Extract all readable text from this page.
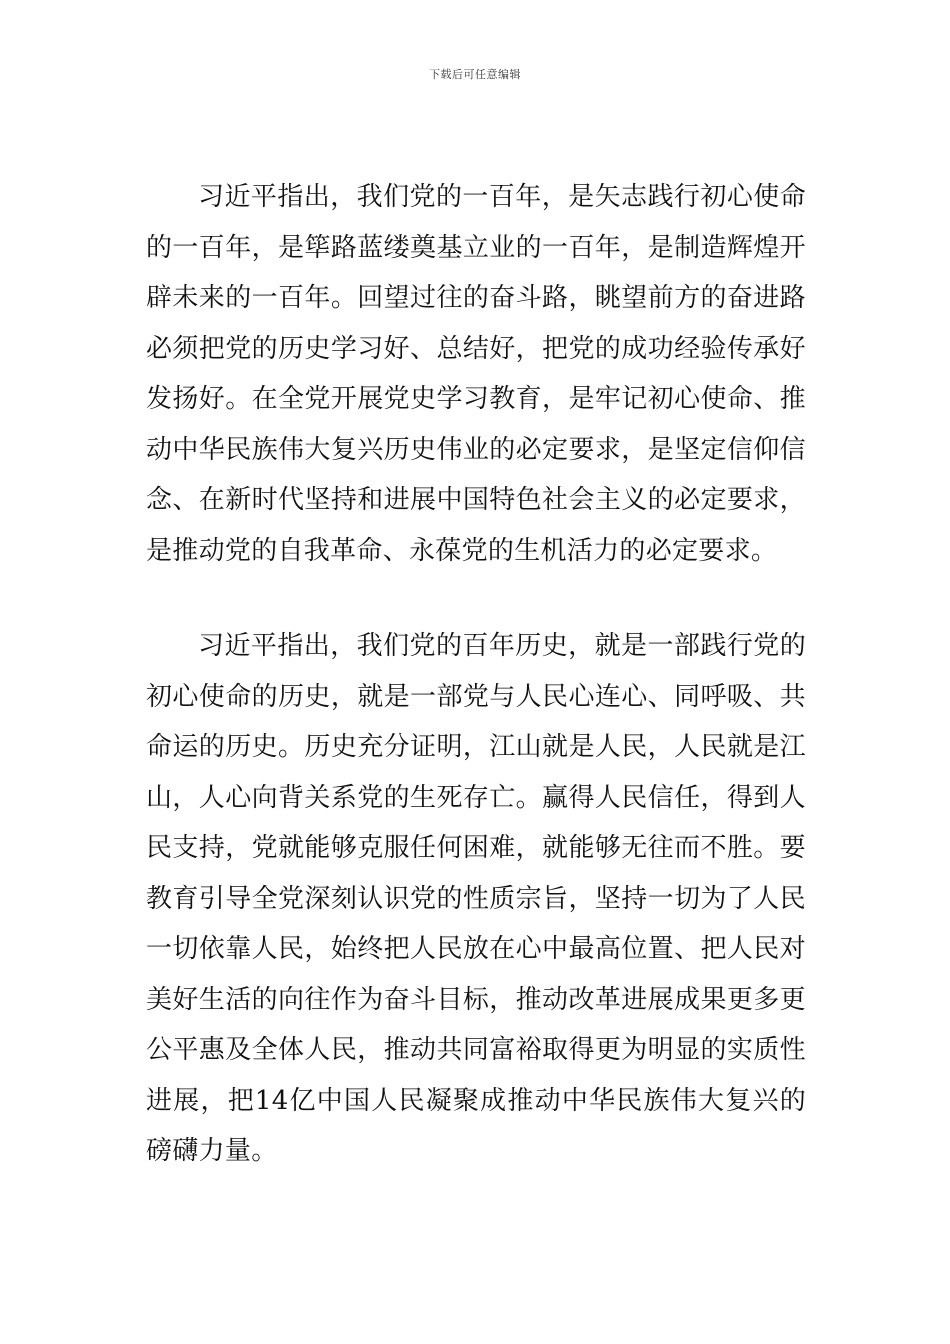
下载后可任意编辑

习近平指出，我们党的一百年，是矢志践行初心使命的一百年，是筚路蓝缕奠基立业的一百年，是制造辉煌开辟未来的一百年。回望过往的奋斗路，眺望前方的奋进路必须把党的历史学习好、总结好，把党的成功经验传承好发扬好。在全党开展党史学习教育，是牢记初心使命、推动中华民族伟大复兴历史伟业的必定要求，是坚定信仰信念、在新时代坚持和进展中国特色社会主义的必定要求，是推动党的自我革命、永葆党的生机活力的必定要求。

习近平指出，我们党的百年历史，就是一部践行党的初心使命的历史，就是一部党与人民心连心、同呼吸、共命运的历史。历史充分证明，江山就是人民，人民就是江山，人心向背关系党的生死存亡。赢得人民信任，得到人民支持，党就能够克服任何困难，就能够无往而不胜。要教育引导全党深刻认识党的性质宗旨，坚持一切为了人民一切依靠人民，始终把人民放在心中最高位置、把人民对美好生活的向往作为奋斗目标，推动改革进展成果更多更公平惠及全体人民，推动共同富裕取得更为明显的实质性进展，把14亿中国人民凝聚成推动中华民族伟大复兴的磅礴力量。
